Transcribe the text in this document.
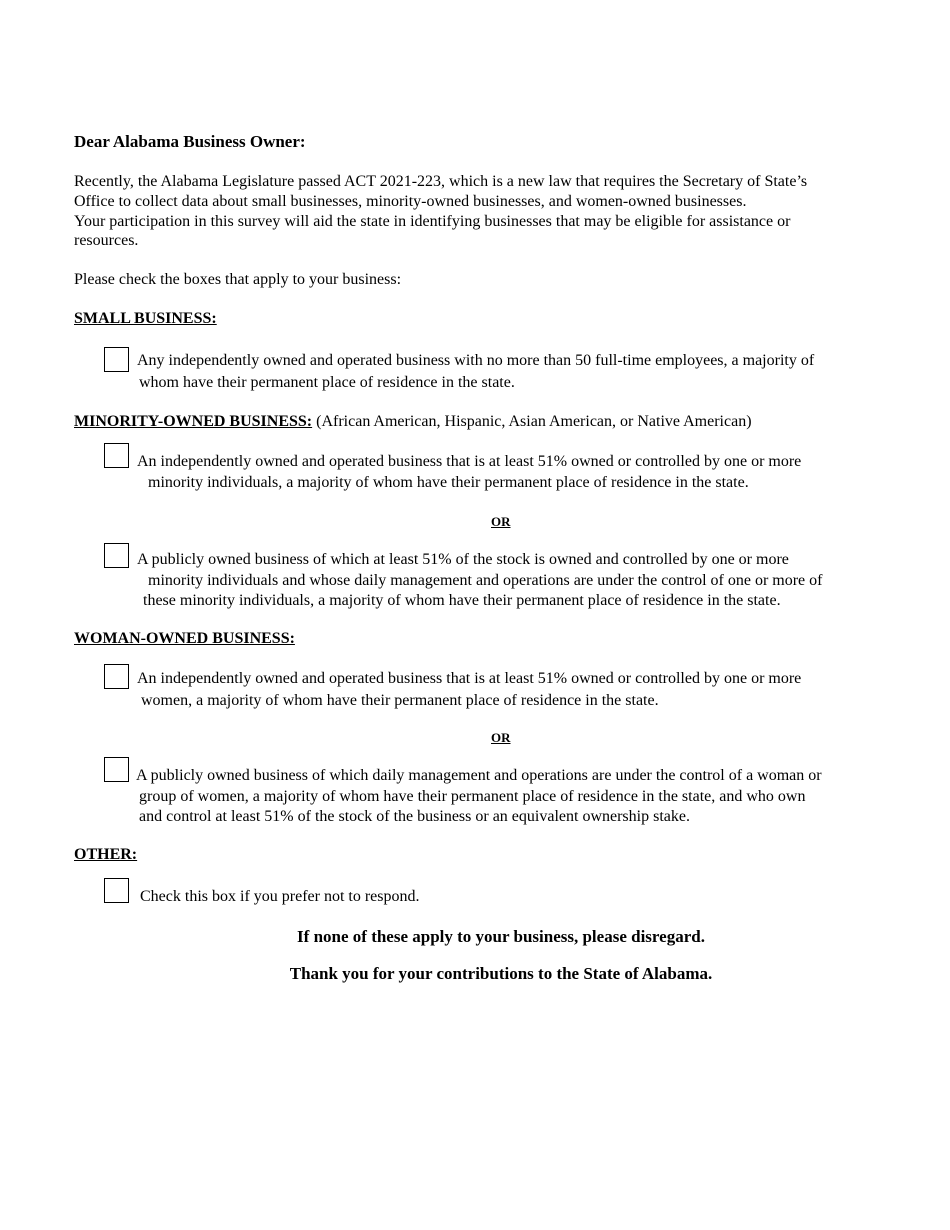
Dear Alabama Business Owner:
Recently, the Alabama Legislature passed ACT 2021-223, which is a new law that requires the Secretary of State’s
Office to collect data about small businesses, minority-owned businesses, and women-owned businesses.
Your participation in this survey will aid the state in identifying businesses that may be eligible for assistance or
resources.
Please check the boxes that apply to your business:
SMALL BUSINESS:
Any independently owned and operated business with no more than 50 full-time employees, a majority of
whom have their permanent place of residence in the state.
MINORITY-OWNED BUSINESS: (African American, Hispanic, Asian American, or Native American)
An independently owned and operated business that is at least 51% owned or controlled by one or more
minority individuals, a majority of whom have their permanent place of residence in the state.
OR
A publicly owned business of which at least 51% of the stock is owned and controlled by one or more
minority individuals and whose daily management and operations are under the control of one or more of
these minority individuals, a majority of whom have their permanent place of residence in the state.
WOMAN-OWNED BUSINESS:
An independently owned and operated business that is at least 51% owned or controlled by one or more
women, a majority of whom have their permanent place of residence in the state.
OR
A publicly owned business of which daily management and operations are under the control of a woman or
group of women, a majority of whom have their permanent place of residence in the state, and who own
and control at least 51% of the stock of the business or an equivalent ownership stake.
OTHER:
Check this box if you prefer not to respond.
If none of these apply to your business, please disregard.
Thank you for your contributions to the State of Alabama.
